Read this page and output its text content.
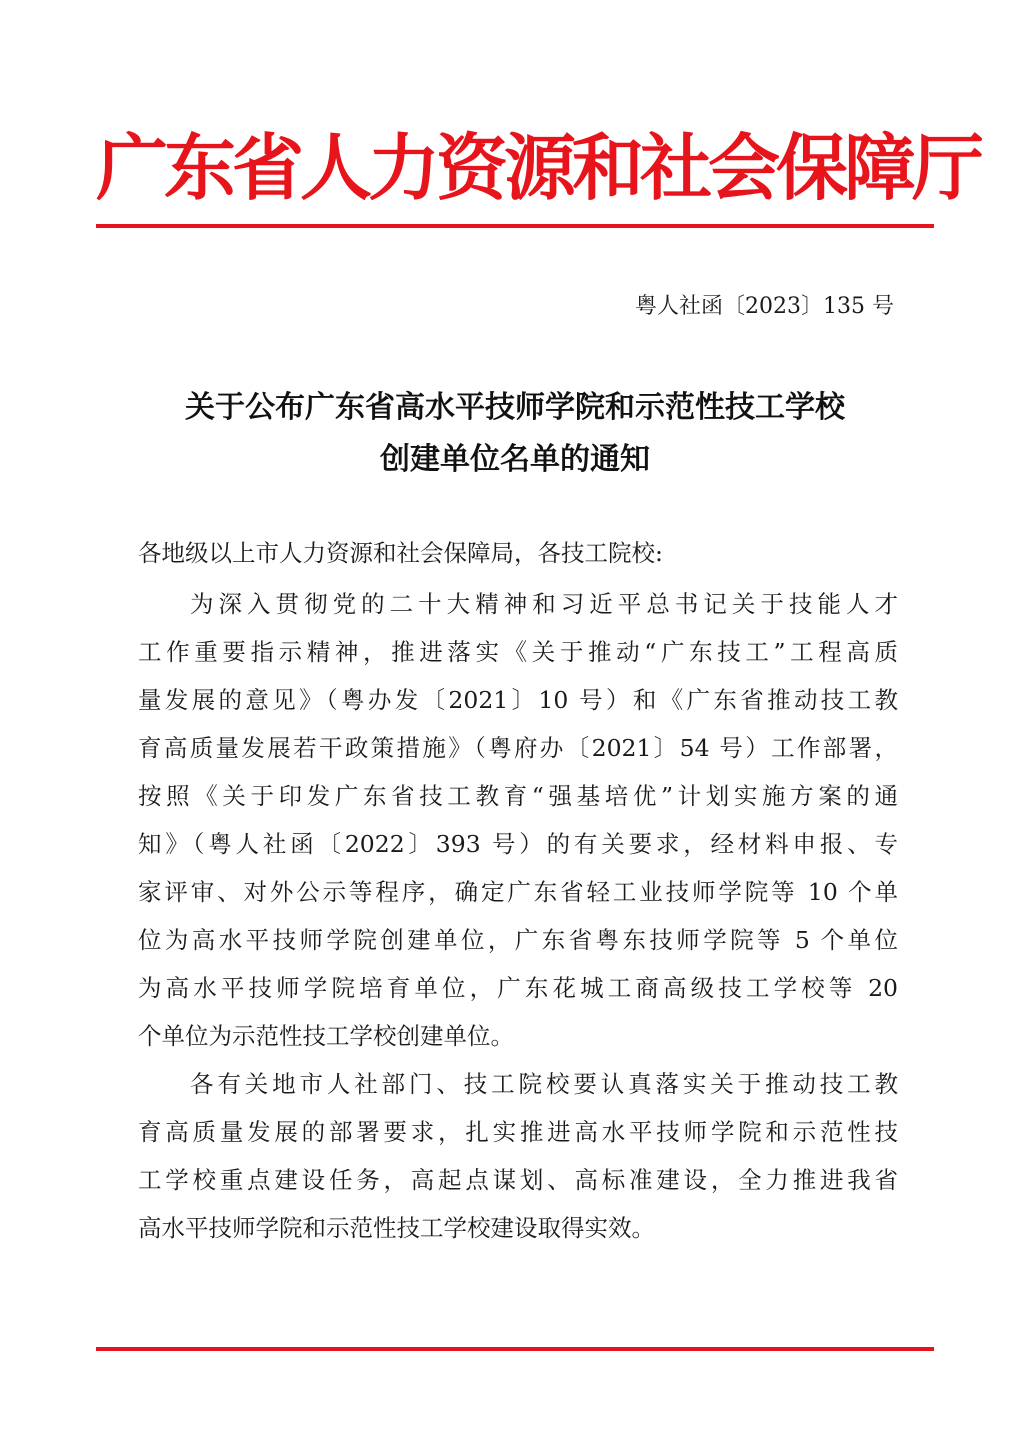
广东省人力资源和社会保障厅
粤人社函〔2023〕135 号
关于公布广东省高水平技师学院和示范性技工学校
创建单位名单的通知
各地级以上市人力资源和社会保障局，各技工院校:
为深入贯彻党的二十大精神和习近平总书记关于技能人才
工作重要指示精神，推进落实《关于推动“广东技工”工程高质
量发展的意见》（粤办发〔2021〕10 号）和《广东省推动技工教
育高质量发展若干政策措施》（粤府办〔2021〕54 号）工作部署，
按照《关于印发广东省技工教育“强基培优”计划实施方案的通
知》（粤人社函〔2022〕393 号）的有关要求，经材料申报、专
家评审、对外公示等程序，确定广东省轻工业技师学院等 10 个单
位为高水平技师学院创建单位，广东省粤东技师学院等 5 个单位
为高水平技师学院培育单位，广东花城工商高级技工学校等 20
个单位为示范性技工学校创建单位。
各有关地市人社部门、技工院校要认真落实关于推动技工教
育高质量发展的部署要求，扎实推进高水平技师学院和示范性技
工学校重点建设任务，高起点谋划、高标准建设，全力推进我省
高水平技师学院和示范性技工学校建设取得实效。
